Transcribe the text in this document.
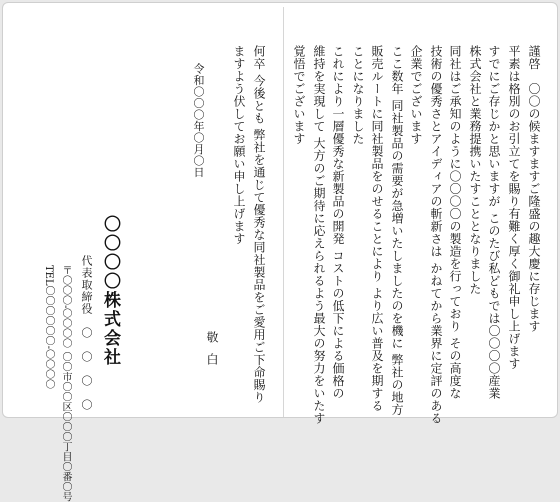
謹啓　〇〇の候ますますご隆盛の趣大慶に存じます
平素は格別のお引立てを賜り有難く厚く御礼申し上げます
すでにご存じかと思いますが このたび私どもでは〇〇〇〇産業
株式会社と業務提携いたすこととなりました
同社はご承知のように〇〇〇〇の製造を行っており その高度な
技術の優秀さとアイディアの斬新さは かねてから業界に定評のある
企業でございます
ここ数年 同社製品の需要が急増いたしましたのを機に 弊社の地方
販売ルートに同社製品をのせることにより より広い普及を期する
ことになりました
これにより一層優秀な新製品の開発 コストの低下による価格の
維持を実現して 大方のご期待に応えられるよう最大の努力をいたす
覚悟でございます
何卒 今後とも 弊社を通じて優秀な同社製品をご愛用ご下命賜り
ますよう伏してお願い申し上げます
令和〇〇〇年〇月〇日
敬白
〇〇〇〇株式会社
代表取締役　〇　〇　〇　〇
〒〇〇〇‐〇〇〇〇 〇〇市〇〇区〇〇〇丁目〇番〇号
TEL〇〇〇〇〇〇‐〇〇〇〇
